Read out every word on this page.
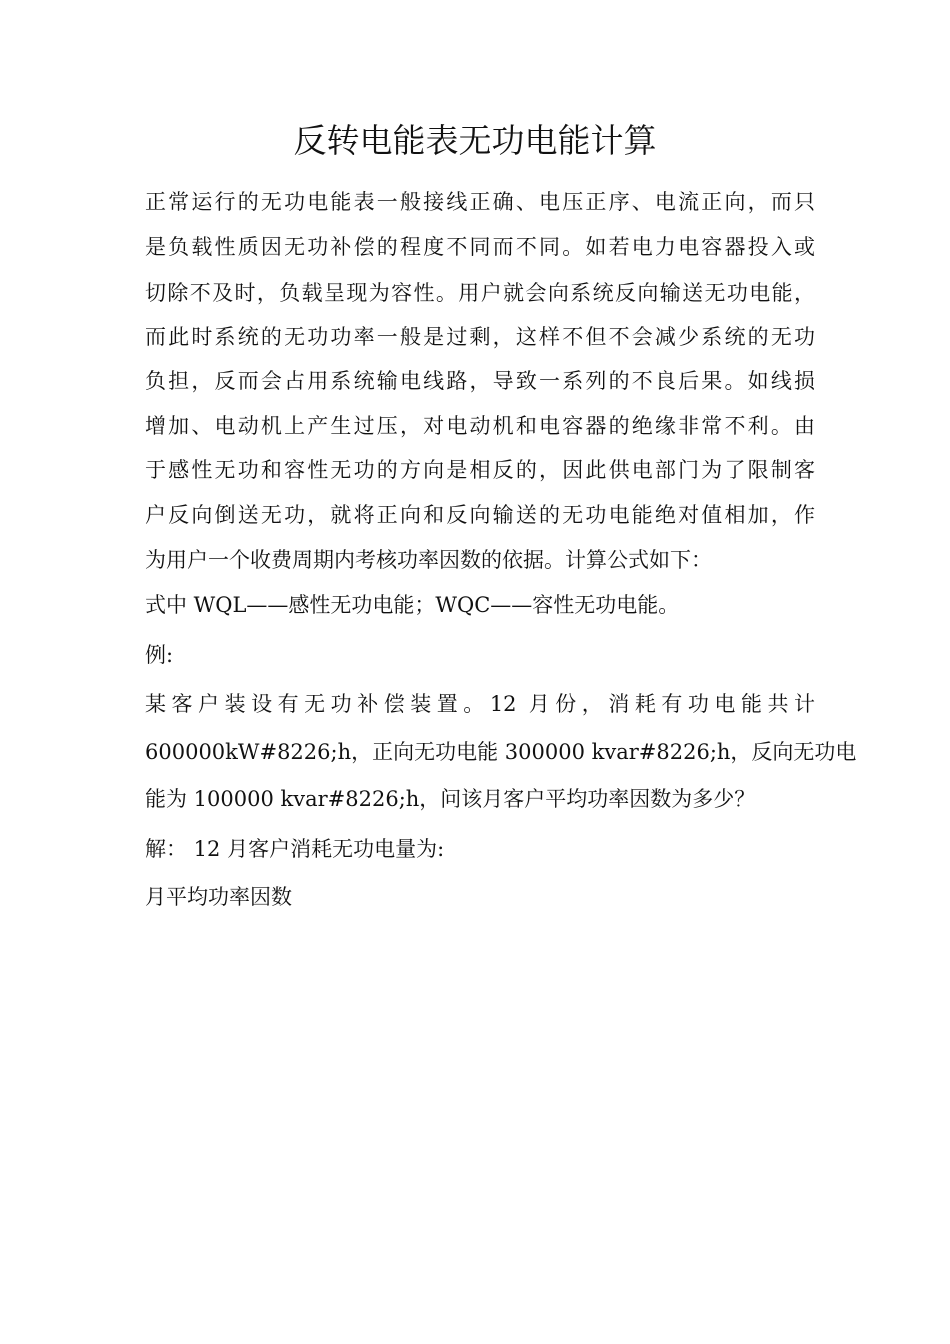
反转电能表无功电能计算
正常运行的无功电能表一般接线正确、电压正序、电流正向，而只
是负载性质因无功补偿的程度不同而不同。如若电力电容器投入或
切除不及时，负载呈现为容性。用户就会向系统反向输送无功电能，
而此时系统的无功功率一般是过剩，这样不但不会减少系统的无功
负担，反而会占用系统输电线路，导致一系列的不良后果。如线损
增加、电动机上产生过压，对电动机和电容器的绝缘非常不利。由
于感性无功和容性无功的方向是相反的，因此供电部门为了限制客
户反向倒送无功，就将正向和反向输送的无功电能绝对值相加，作
为用户一个收费周期内考核功率因数的依据。计算公式如下：
式中 WQL——感性无功电能；WQC——容性无功电能。
例:
某客户装设有无功补偿装置。12 月份，消耗有功电能共计
600000kW#8226;h，正向无功电能 300000 kvar#8226;h，反向无功电
能为 100000 kvar#8226;h，问该月客户平均功率因数为多少？
解： 12 月客户消耗无功电量为:
月平均功率因数
